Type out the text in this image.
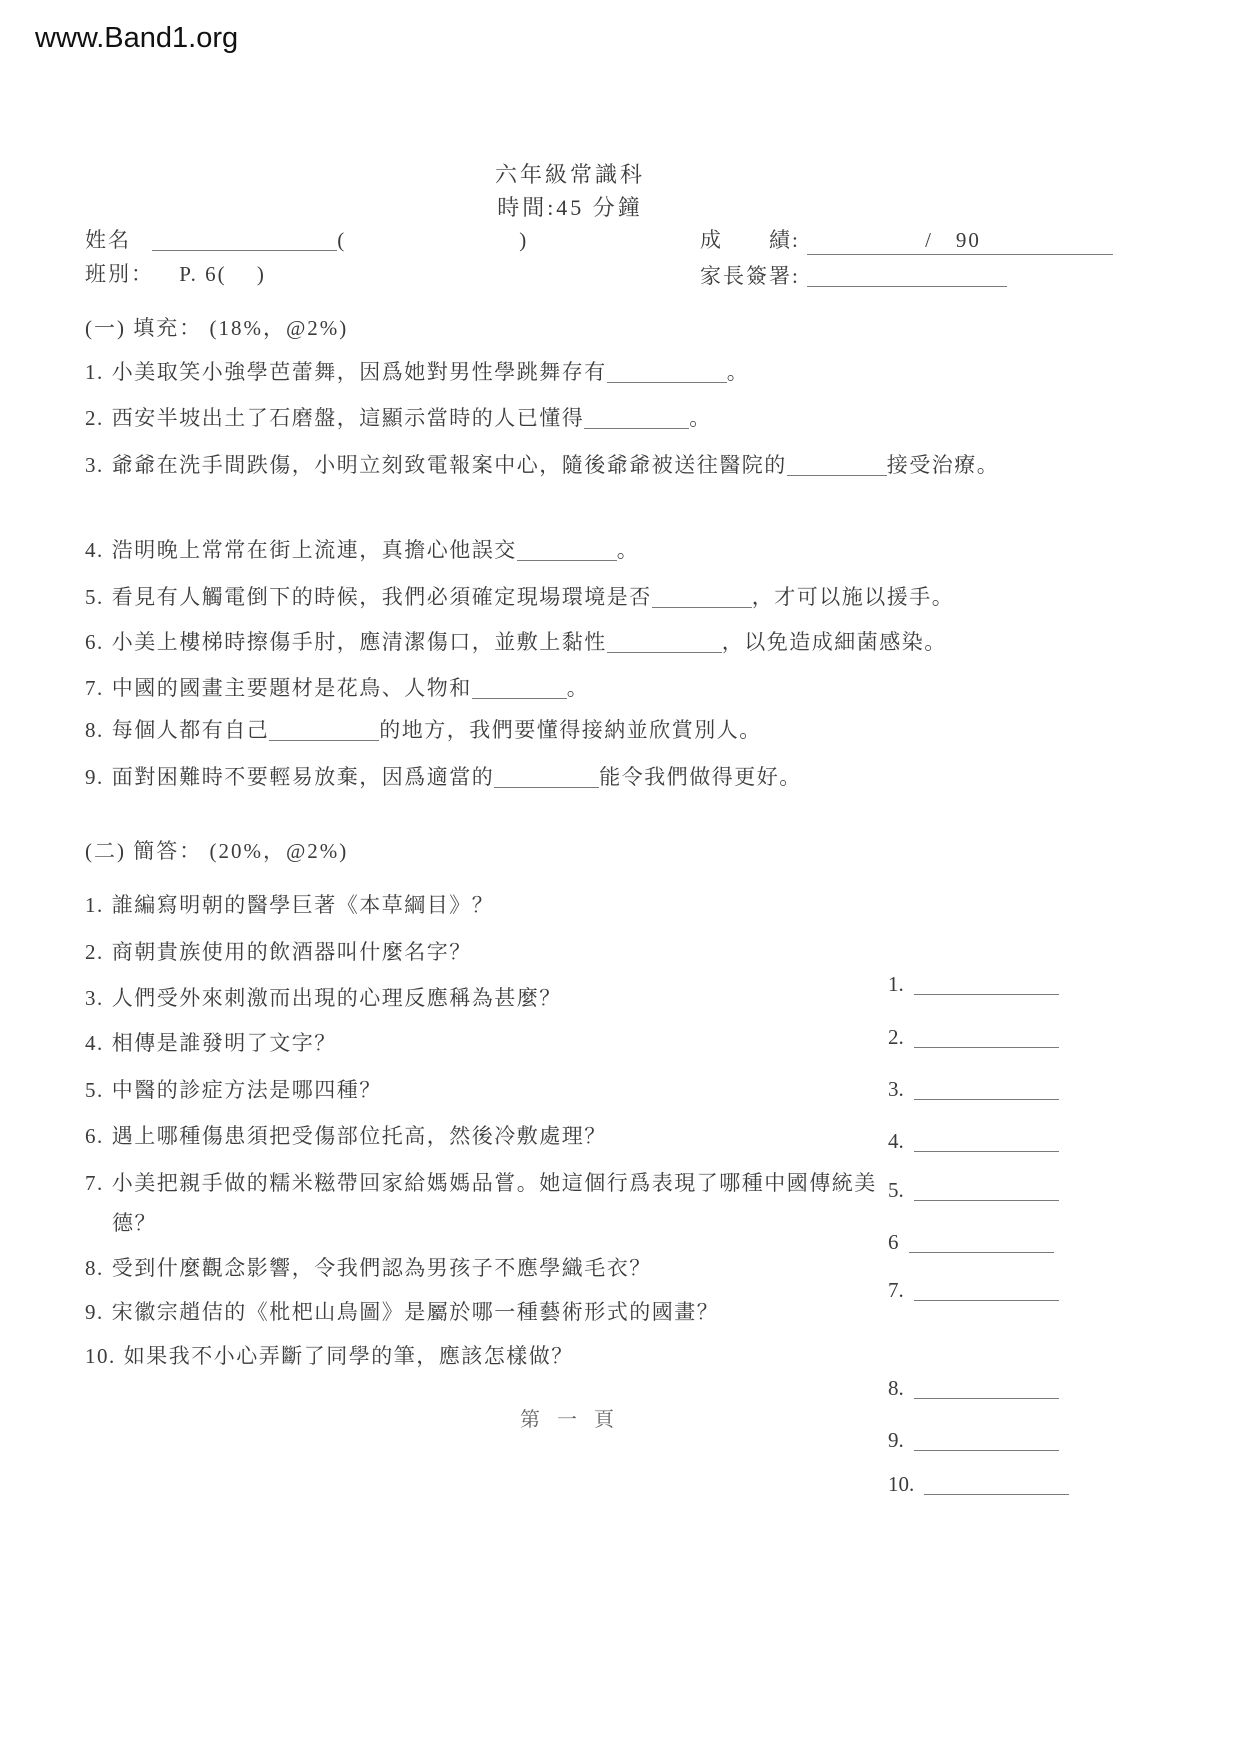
www.Band1.org
六年級常識科
時間:45 分鐘
姓名	(　　　)
班別： P. 6(　 )
成　　績:	/　90
家長簽署:
(一) 填充： (18%，@2%)
1. 小美取笑小強學芭蕾舞，因爲她對男性學跳舞存有	。
2. 西安半坡出土了石磨盤，這顯示當時的人已懂得	。
3. 爺爺在洗手間跌傷，小明立刻致電報案中心，隨後爺爺被送往醫院的	接受治療。
4. 浩明晚上常常在街上流連，真擔心他誤交	。
5. 看見有人觸電倒下的時候，我們必須確定現場環境是否	，才可以施以援手。
6. 小美上樓梯時擦傷手肘，應清潔傷口，並敷上黏性	，以免造成細菌感染。
7. 中國的國畫主要題材是花鳥、人物和	。
8. 每個人都有自己	的地方，我們要懂得接納並欣賞別人。
9. 面對困難時不要輕易放棄，因爲適當的	能令我們做得更好。
(二) 簡答： (20%，@2%)
1. 誰編寫明朝的醫學巨著《本草綱目》？
2. 商朝貴族使用的飲酒器叫什麼名字？
3. 人們受外來刺激而出現的心理反應稱為甚麼？
4. 相傳是誰發明了文字？
5. 中醫的診症方法是哪四種？
6. 遇上哪種傷患須把受傷部位托高，然後冷敷處理？
7. 小美把親手做的糯米糍帶回家給媽媽品嘗。她這個行爲表現了哪種中國傳統美德？
8. 受到什麼觀念影響，令我們認為男孩子不應學織毛衣？
9. 宋徽宗趙佶的《枇杷山鳥圖》是屬於哪一種藝術形式的國畫？
10. 如果我不小心弄斷了同學的筆，應該怎樣做？
1.
2.
3.
4.
5.
6
7.
8.
9.
10.
第 一 頁
